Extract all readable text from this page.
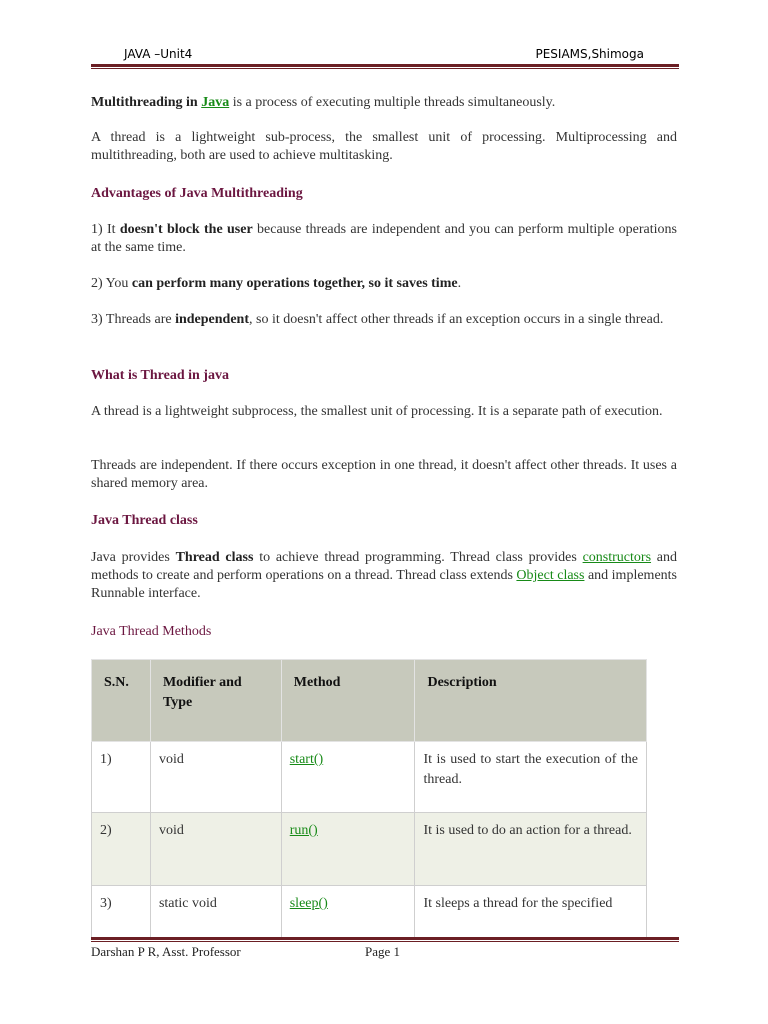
JAVA –Unit4	PESIAMS,Shimoga

Multithreading in Java is a process of executing multiple threads simultaneously.

A thread is a lightweight sub-process, the smallest unit of processing. Multiprocessing and multithreading, both are used to achieve multitasking.

Advantages of Java Multithreading

1) It doesn't block the user because threads are independent and you can perform multiple operations at the same time.

2) You can perform many operations together, so it saves time.

3) Threads are independent, so it doesn't affect other threads if an exception occurs in a single thread.

What is Thread in java

A thread is a lightweight subprocess, the smallest unit of processing. It is a separate path of execution.

Threads are independent. If there occurs exception in one thread, it doesn't affect other threads. It uses a shared memory area.

Java Thread class

Java provides Thread class to achieve thread programming. Thread class provides constructors and methods to create and perform operations on a thread. Thread class extends Object class and implements Runnable interface.

Java Thread Methods

S.N.	Modifier and Type	Method	Description
1)	void	start()	It is used to start the execution of the thread.
2)	void	run()	It is used to do an action for a thread.
3)	static void	sleep()	It sleeps a thread for the specified
Darshan P R, Asst. Professor	Page 1
